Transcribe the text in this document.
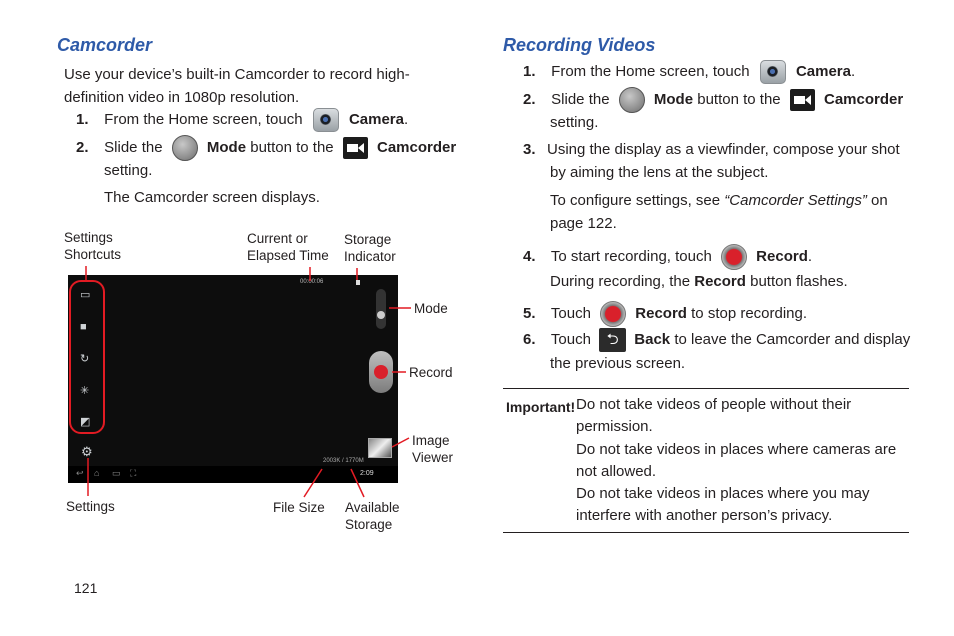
Camcorder
Use your device’s built-in Camcorder to record high-
definition video in 1080p resolution.
1. From the Home screen, touch	Camera.
2. Slide the	Mode button to the	Camcorder
setting.
The Camcorder screen displays.
Settings
Shortcuts
Current or
Elapsed Time
Storage
Indicator
Mode
Record
Image
Viewer
Settings	File Size Available
Storage
▭
■
↻
✳
◩
⚙
00:00:06
↩ ⌂ ▭ ⛶
2003K / 1770M
2:09
Recording Videos
1. From the Home screen, touch	Camera.
2. Slide the	Mode button to the	Camcorder
setting.
3. Using the display as a viewfinder, compose your shot
by aiming the lens at the subject.
To configure settings, see “Camcorder Settings” on
page 122.
4. To start recording, touch	Record.
During recording, the Record button flashes.
5. Touch	Record to stop recording.
6. Touch ⮌ Back to leave the Camcorder and display
the previous screen.
Important! Do not take videos of people without their
permission.
Do not take videos in places where cameras are
not allowed.
Do not take videos in places where you may
interfere with another person’s privacy.
121
